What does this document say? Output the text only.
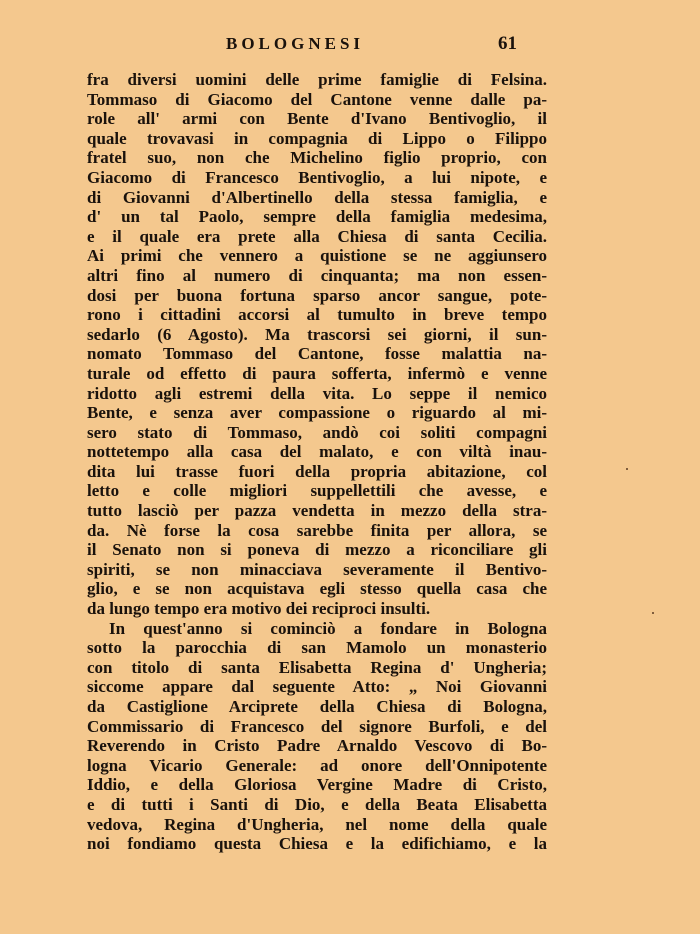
BOLOGNESI	61
fra diversi uomini delle prime famiglie di Felsina.
Tommaso di Giacomo del Cantone venne dalle pa-
role all' armi con Bente d'Ivano Bentivoglio, il
quale trovavasi in compagnia di Lippo o Filippo
fratel suo, non che Michelino figlio proprio, con
Giacomo di Francesco Bentivoglio, a lui nipote, e
di Giovanni d'Albertinello della stessa famiglia, e
d' un tal Paolo, sempre della famiglia medesima,
e il quale era prete alla Chiesa di santa Cecilia.
Ai primi che vennero a quistione se ne aggiunsero
altri fino al numero di cinquanta; ma non essen-
dosi per buona fortuna sparso ancor sangue, pote-
rono i cittadini accorsi al tumulto in breve tempo
sedarlo (6 Agosto). Ma trascorsi sei giorni, il sun-
nomato Tommaso del Cantone, fosse malattia na-
turale od effetto di paura sofferta, infermò e venne
ridotto agli estremi della vita. Lo seppe il nemico
Bente, e senza aver compassione o riguardo al mi-
sero stato di Tommaso, andò coi soliti compagni
nottetempo alla casa del malato, e con viltà inau-
dita lui trasse fuori della propria abitazione, col
letto e colle migliori suppellettili che avesse, e
tutto lasciò per pazza vendetta in mezzo della stra-
da. Nè forse la cosa sarebbe finita per allora, se
il Senato non si poneva di mezzo a riconciliare gli
spiriti, se non minacciava severamente il Bentivo-
glio, e se non acquistava egli stesso quella casa che
da lungo tempo era motivo dei reciproci insulti.
In quest'anno si cominciò a fondare in Bologna
sotto la parocchia di san Mamolo un monasterio
con titolo di santa Elisabetta Regina d' Ungheria;
siccome appare dal seguente Atto: „ Noi Giovanni
da Castiglione Arciprete della Chiesa di Bologna,
Commissario di Francesco del signore Burfoli, e del
Reverendo in Cristo Padre Arnaldo Vescovo di Bo-
logna Vicario Generale: ad onore dell'Onnipotente
Iddio, e della Gloriosa Vergine Madre di Cristo,
e di tutti i Santi di Dio, e della Beata Elisabetta
vedova, Regina d'Ungheria, nel nome della quale
noi fondiamo questa Chiesa e la edifichiamo, e la
